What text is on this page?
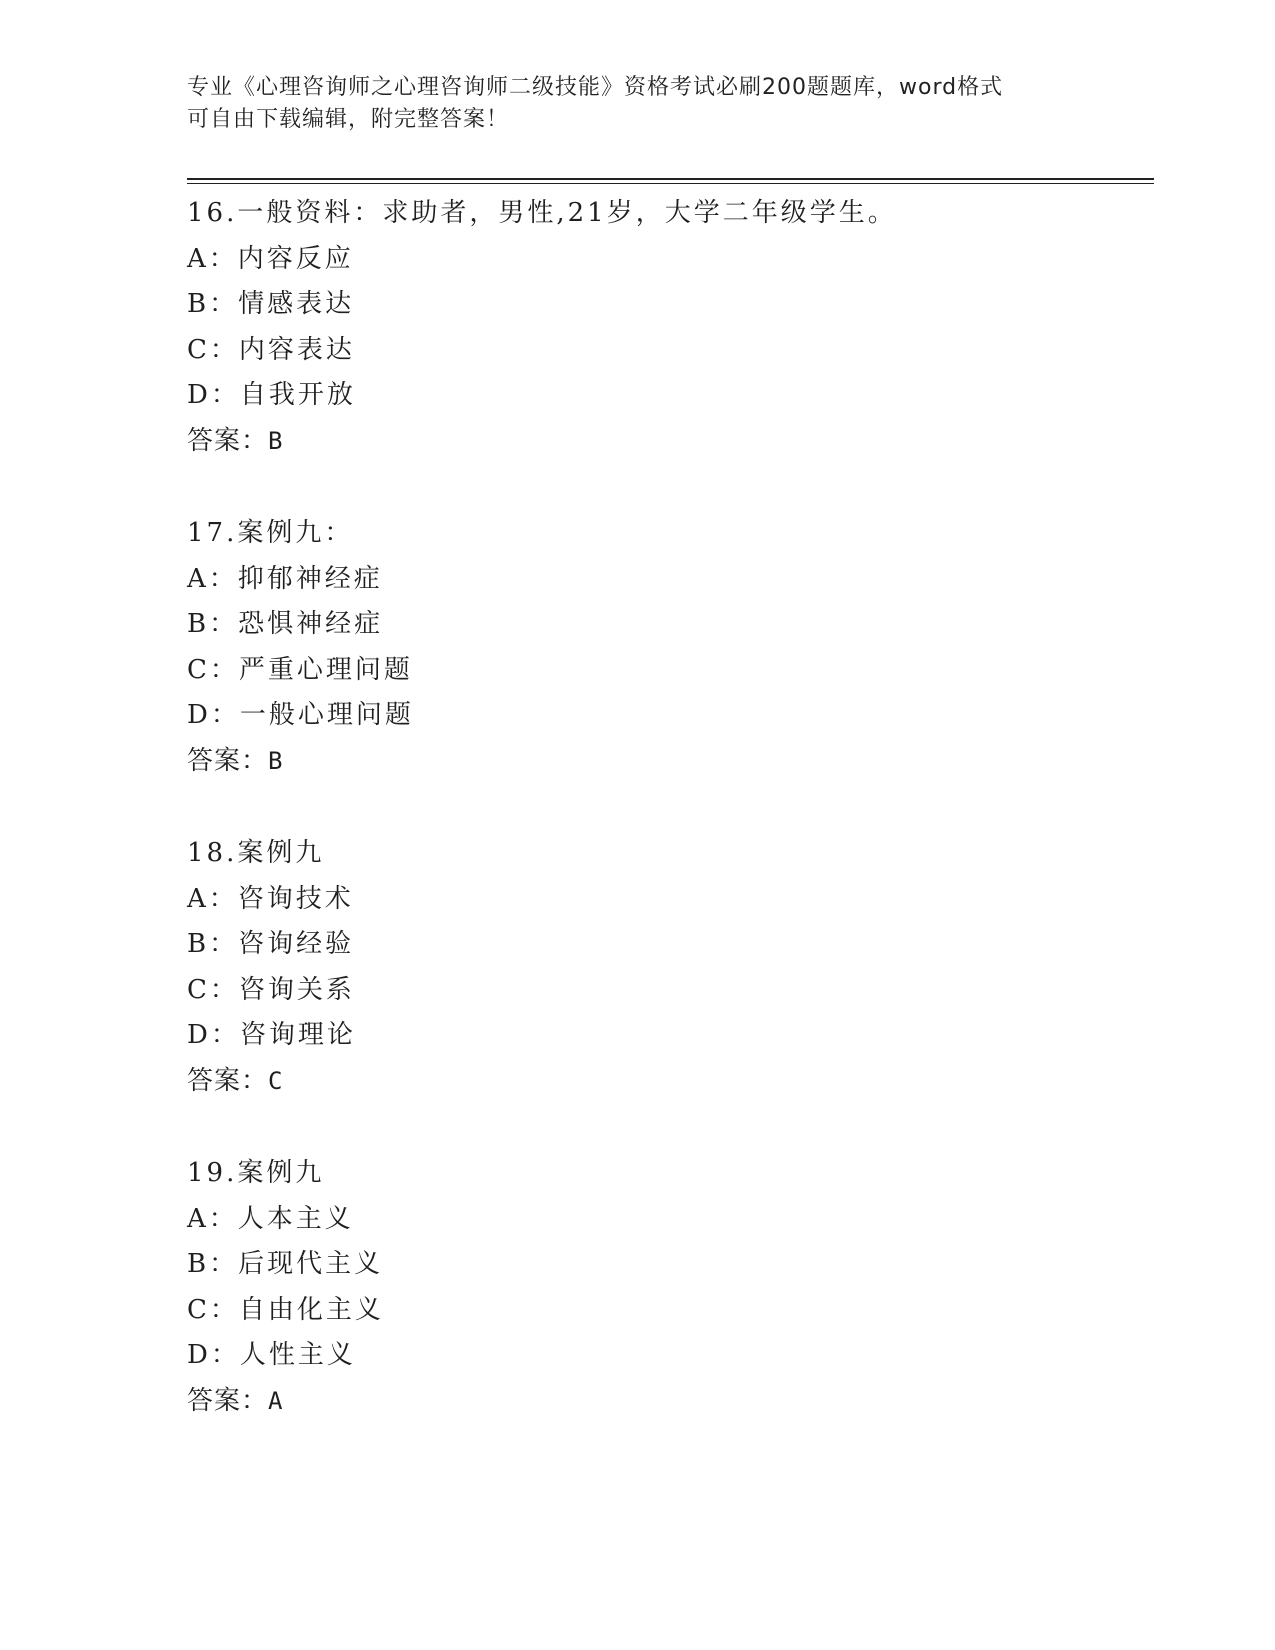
专业《心理咨询师之心理咨询师二级技能》资格考试必刷200题题库，word格式
可自由下载编辑，附完整答案！
16.一般资料：求助者，男性,21岁，大学二年级学生。
A：内容反应
B：情感表达
C：内容表达
D：自我开放
答案：B
17.案例九：
A：抑郁神经症
B：恐惧神经症
C：严重心理问题
D：一般心理问题
答案：B
18.案例九
A：咨询技术
B：咨询经验
C：咨询关系
D：咨询理论
答案：C
19.案例九
A：人本主义
B：后现代主义
C：自由化主义
D：人性主义
答案：A
